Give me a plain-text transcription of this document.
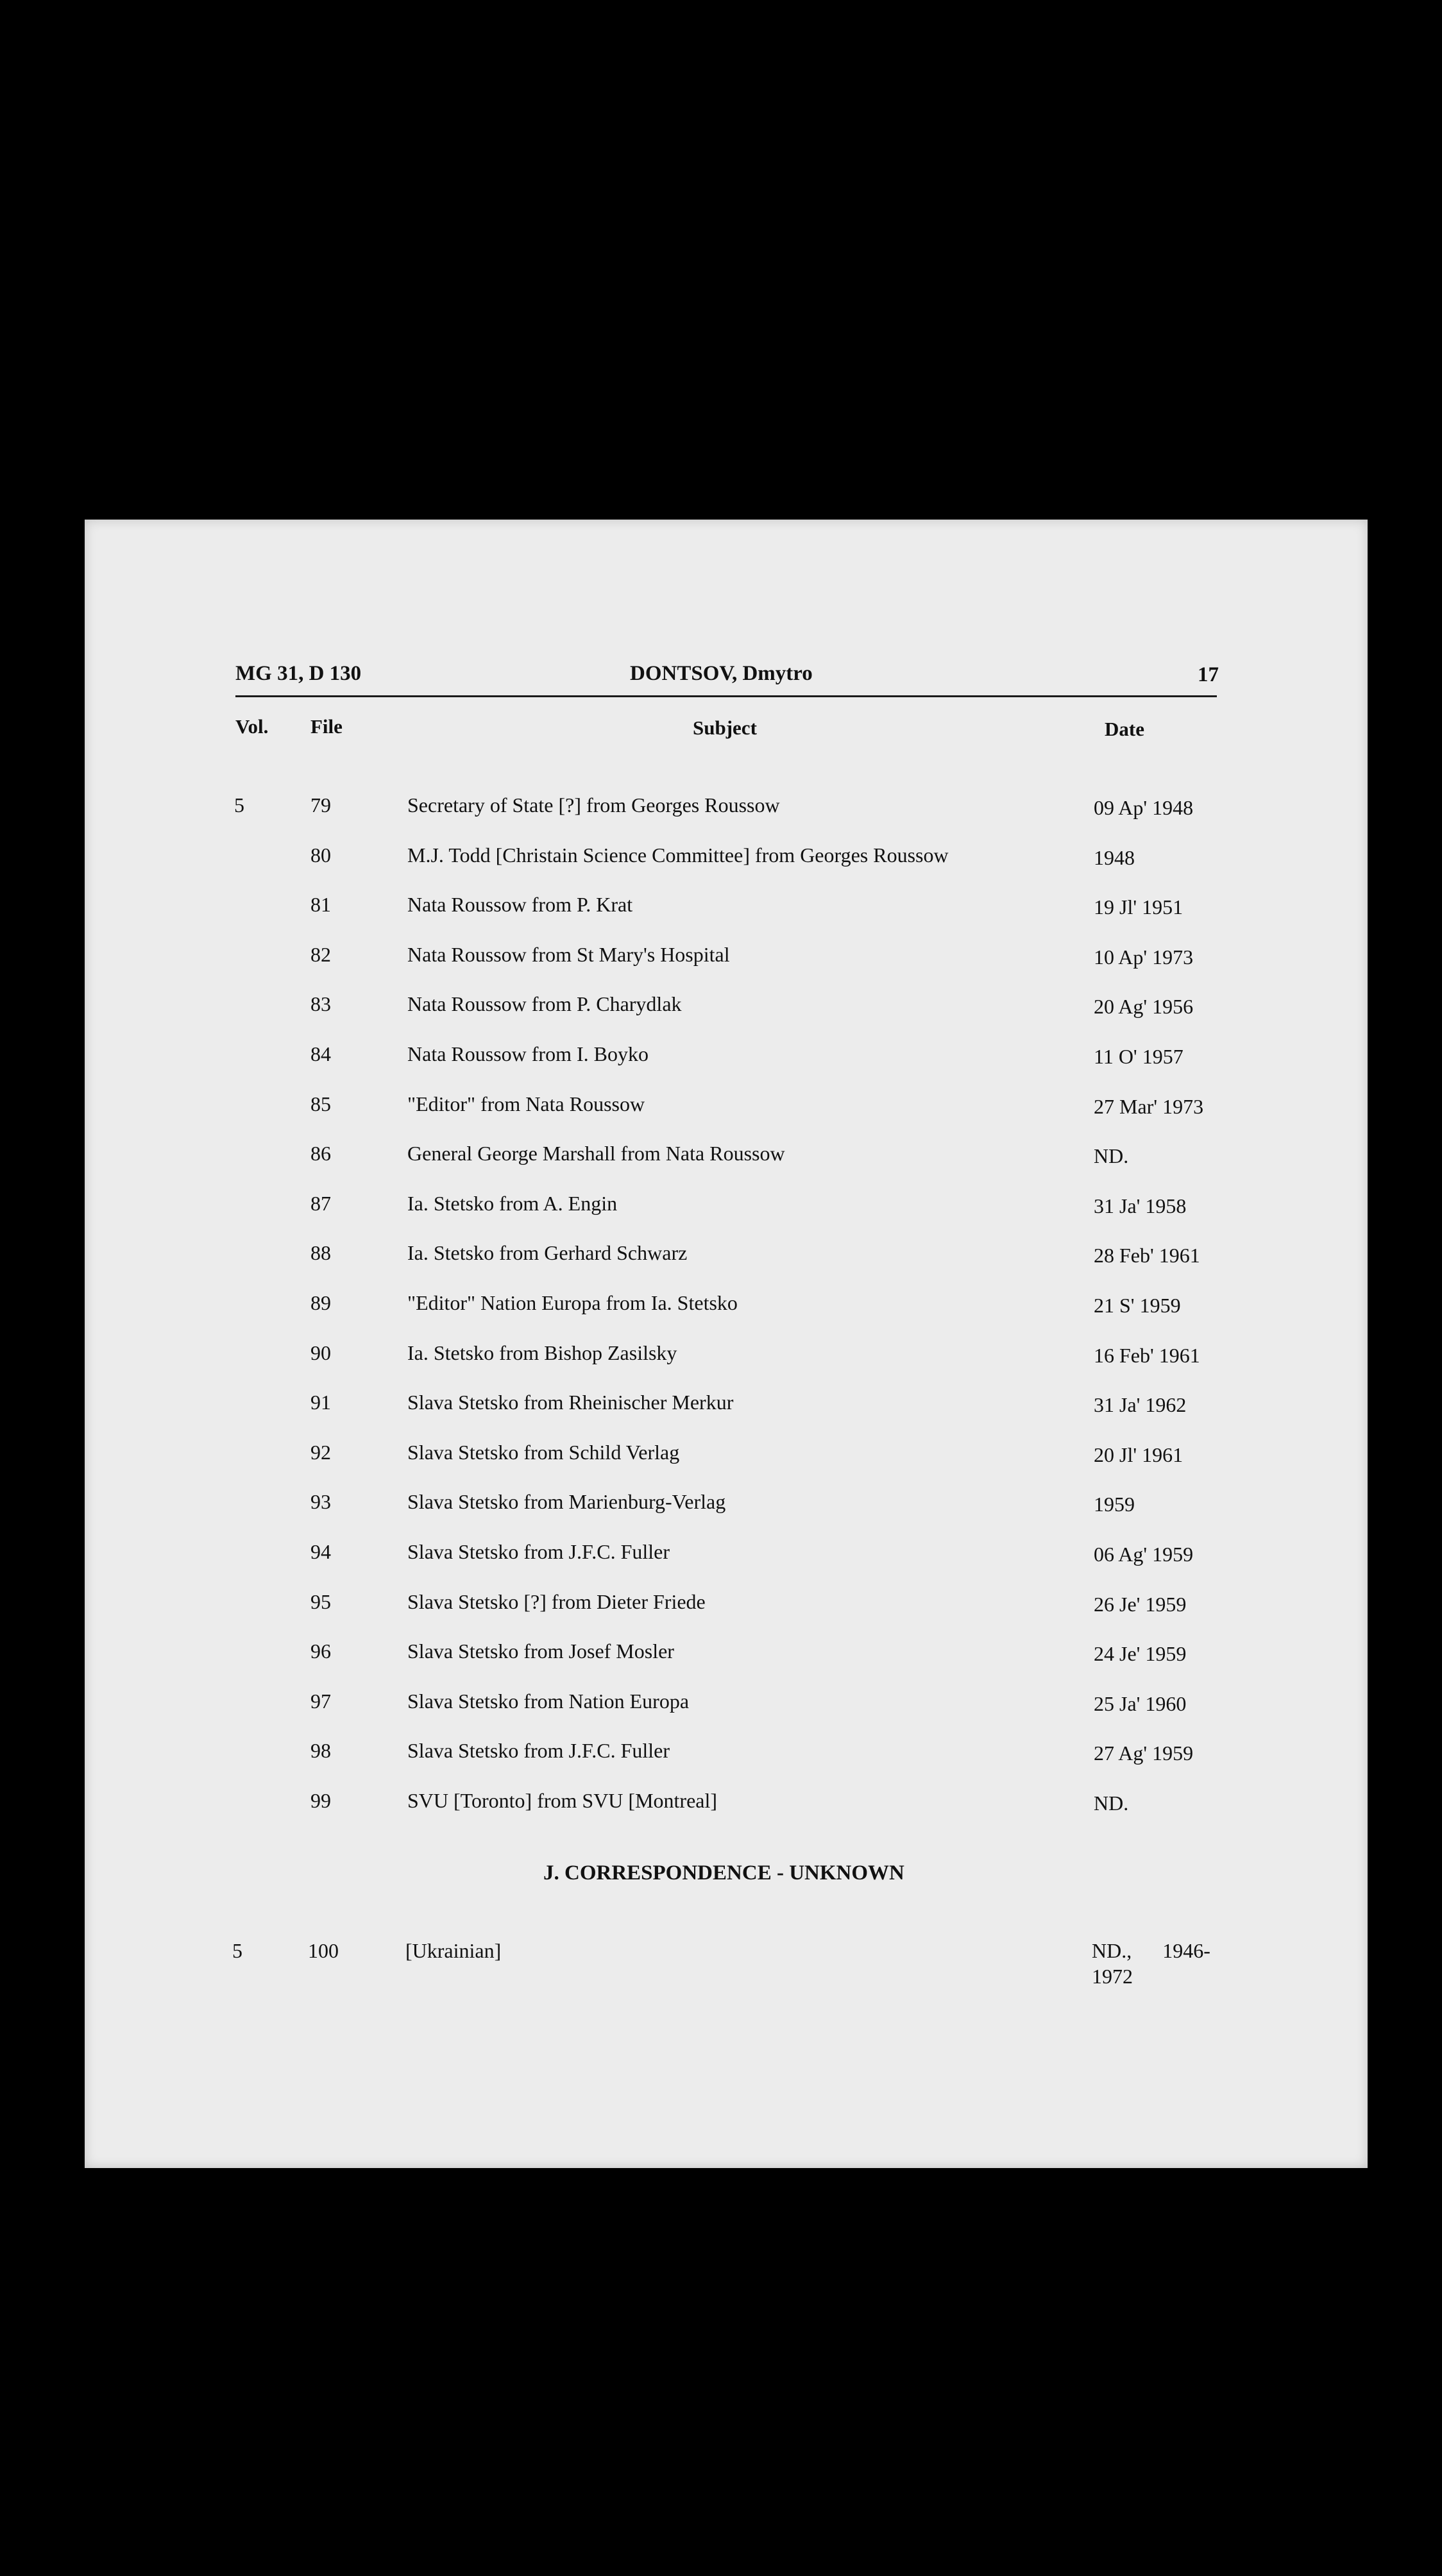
MG 31, D 130	DONTSOV, Dmytro	17
Vol. File	Subject	Date
5	79	Secretary of State [?] from Georges Roussow	09 Ap' 1948
80	M.J. Todd [Christain Science Committee] from Georges Roussow	1948
81	Nata Roussow from P. Krat	19 Jl' 1951
82	Nata Roussow from St Mary's Hospital	10 Ap' 1973
83	Nata Roussow from P. Charydlak	20 Ag' 1956
84	Nata Roussow from I. Boyko	11 O' 1957
85	"Editor" from Nata Roussow	27 Mar' 1973
86	General George Marshall from Nata Roussow	ND.
87	Ia. Stetsko from A. Engin	31 Ja' 1958
88	Ia. Stetsko from Gerhard Schwarz	28 Feb' 1961
89	"Editor" Nation Europa from Ia. Stetsko	21 S' 1959
90	Ia. Stetsko from Bishop Zasilsky	16 Feb' 1961
91	Slava Stetsko from Rheinischer Merkur	31 Ja' 1962
92	Slava Stetsko from Schild Verlag	20 Jl' 1961
93	Slava Stetsko from Marienburg-Verlag	1959
94	Slava Stetsko from J.F.C. Fuller	06 Ag' 1959
95	Slava Stetsko [?] from Dieter Friede	26 Je' 1959
96	Slava Stetsko from Josef Mosler	24 Je' 1959
97	Slava Stetsko from Nation Europa	25 Ja' 1960
98	Slava Stetsko from J.F.C. Fuller	27 Ag' 1959
99	SVU [Toronto] from SVU [Montreal]	ND.
J. CORRESPONDENCE - UNKNOWN
5	100	[Ukrainian]	ND.,      1946-
1972
